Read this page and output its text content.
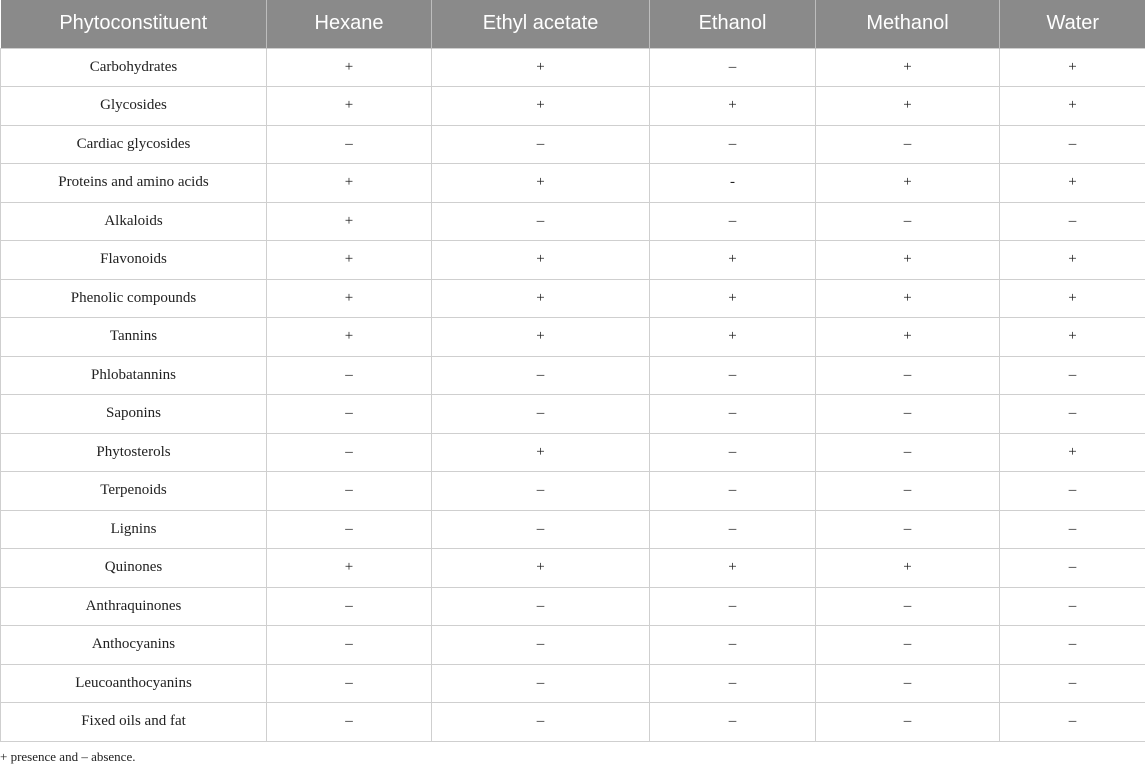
Phytoconstituent	Hexane	Ethyl acetate	Ethanol	Methanol	Water
Carbohydrates	+	+	–	+	+
Glycosides	+	+	+	+	+
Cardiac glycosides	–	–	–	–	–
Proteins and amino acids	+	+	-	+	+
Alkaloids	+	–	–	–	–
Flavonoids	+	+	+	+	+
Phenolic compounds	+	+	+	+	+
Tannins	+	+	+	+	+
Phlobatannins	–	–	–	–	–
Saponins	–	–	–	–	–
Phytosterols	–	+	–	–	+
Terpenoids	–	–	–	–	–
Lignins	–	–	–	–	–
Quinones	+	+	+	+	–
Anthraquinones	–	–	–	–	–
Anthocyanins	–	–	–	–	–
Leucoanthocyanins	–	–	–	–	–
Fixed oils and fat	–	–	–	–	–
+ presence and – absence.
